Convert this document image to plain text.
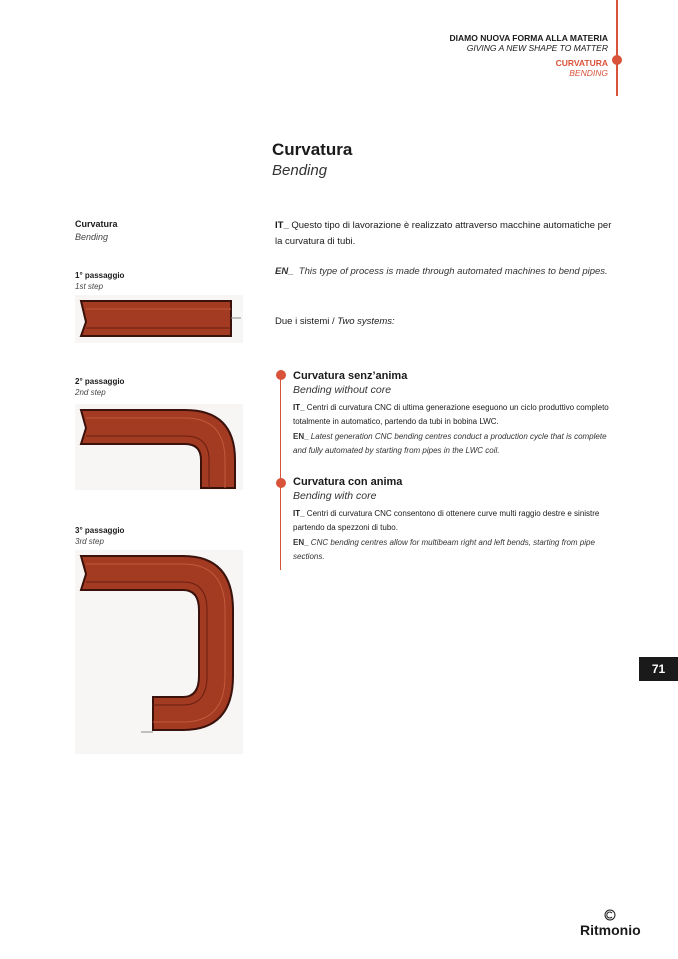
DIAMO NUOVA FORMA ALLA MATERIA
GIVING A NEW SHAPE TO MATTER
CURVATURA
BENDING
Curvatura
Bending
Curvatura
Bending
1° passaggio
1st step
2° passaggio
2nd step
3° passaggio
3rd step
IT_ Questo tipo di lavorazione è realizzato attraverso macchine automatiche per la curvatura di tubi.
EN_ This type of process is made through automated machines to bend pipes.
Due i sistemi / Two systems:
Curvatura senz’anima
Bending without core
IT_ Centri di curvatura CNC di ultima generazione eseguono un ciclo produttivo completo totalmente in automatico, partendo da tubi in bobina LWC.
EN_ Latest generation CNC bending centres conduct a production cycle that is complete and fully automated by starting from pipes in the LWC coil.
Curvatura con anima
Bending with core
IT_ Centri di curvatura CNC consentono di ottenere curve multi raggio destre e sinistre partendo da spezzoni di tubo.
EN_ CNC bending centres allow for multibeam right and left bends, starting from pipe sections.
71
Ritmonio
